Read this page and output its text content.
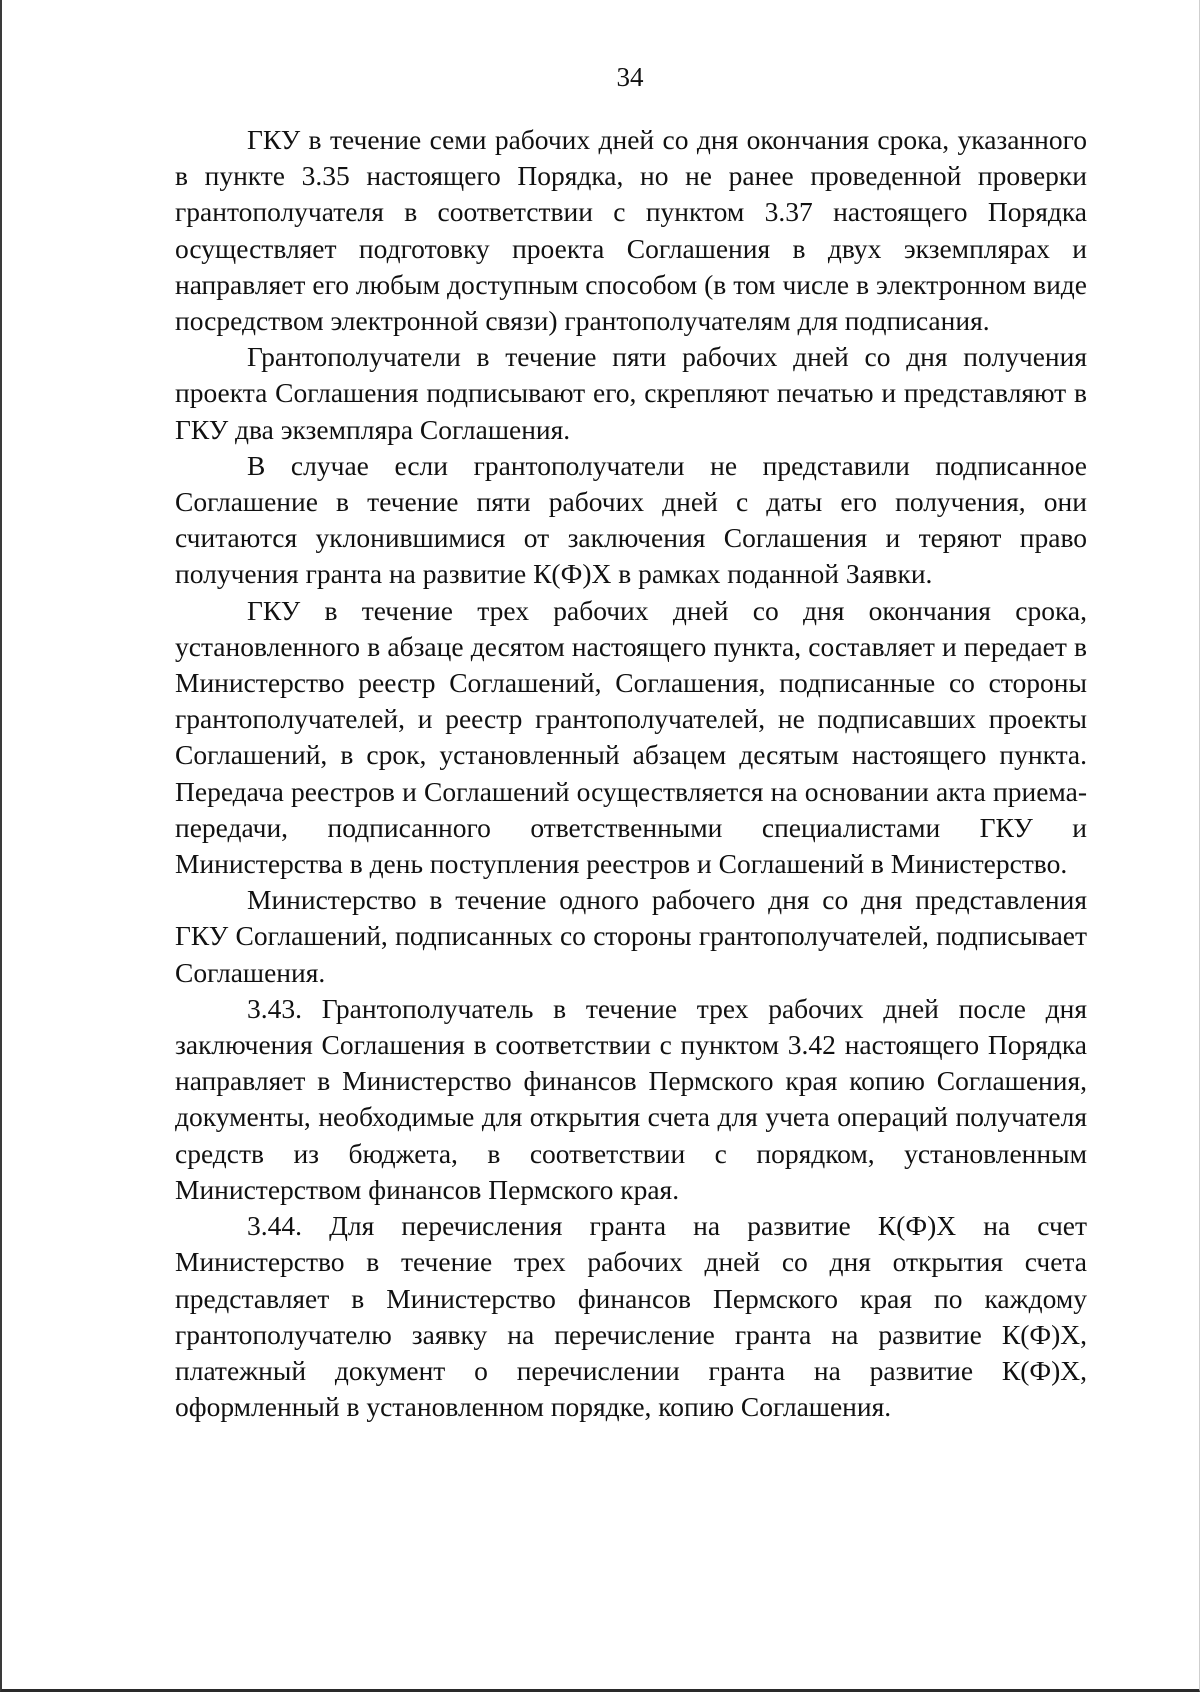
34

ГКУ в течение семи рабочих дней со дня окончания срока, указанного в пункте 3.35 настоящего Порядка, но не ранее проведенной проверки грантополучателя в соответствии с пунктом 3.37 настоящего Порядка осуществляет подготовку проекта Соглашения в двух экземплярах и направляет его любым доступным способом (в том числе в электронном виде посредством электронной связи) грантополучателям для подписания.

Грантополучатели в течение пяти рабочих дней со дня получения проекта Соглашения подписывают его, скрепляют печатью и представляют в ГКУ два экземпляра Соглашения.

В случае если грантополучатели не представили подписанное Соглашение в течение пяти рабочих дней с даты его получения, они считаются уклонившимися от заключения Соглашения и теряют право получения гранта на развитие К(Ф)Х в рамках поданной Заявки.

ГКУ в течение трех рабочих дней со дня окончания срока, установленного в абзаце десятом настоящего пункта, составляет и передает в Министерство реестр Соглашений, Соглашения, подписанные со стороны грантополучателей, и реестр грантополучателей, не подписавших проекты Соглашений, в срок, установленный абзацем десятым настоящего пункта. Передача реестров и Соглашений осуществляется на основании акта приема-передачи, подписанного ответственными специалистами ГКУ и Министерства в день поступления реестров и Соглашений в Министерство.

Министерство в течение одного рабочего дня со дня представления ГКУ Соглашений, подписанных со стороны грантополучателей, подписывает Соглашения.

3.43. Грантополучатель в течение трех рабочих дней после дня заключения Соглашения в соответствии с пунктом 3.42 настоящего Порядка направляет в Министерство финансов Пермского края копию Соглашения, документы, необходимые для открытия счета для учета операций получателя средств из бюджета, в соответствии с порядком, установленным Министерством финансов Пермского края.

3.44. Для перечисления гранта на развитие К(Ф)Х на счет Министерство в течение трех рабочих дней со дня открытия счета представляет в Министерство финансов Пермского края по каждому грантополучателю заявку на перечисление гранта на развитие К(Ф)Х, платежный документ о перечислении гранта на развитие К(Ф)Х, оформленный в установленном порядке, копию Соглашения.
